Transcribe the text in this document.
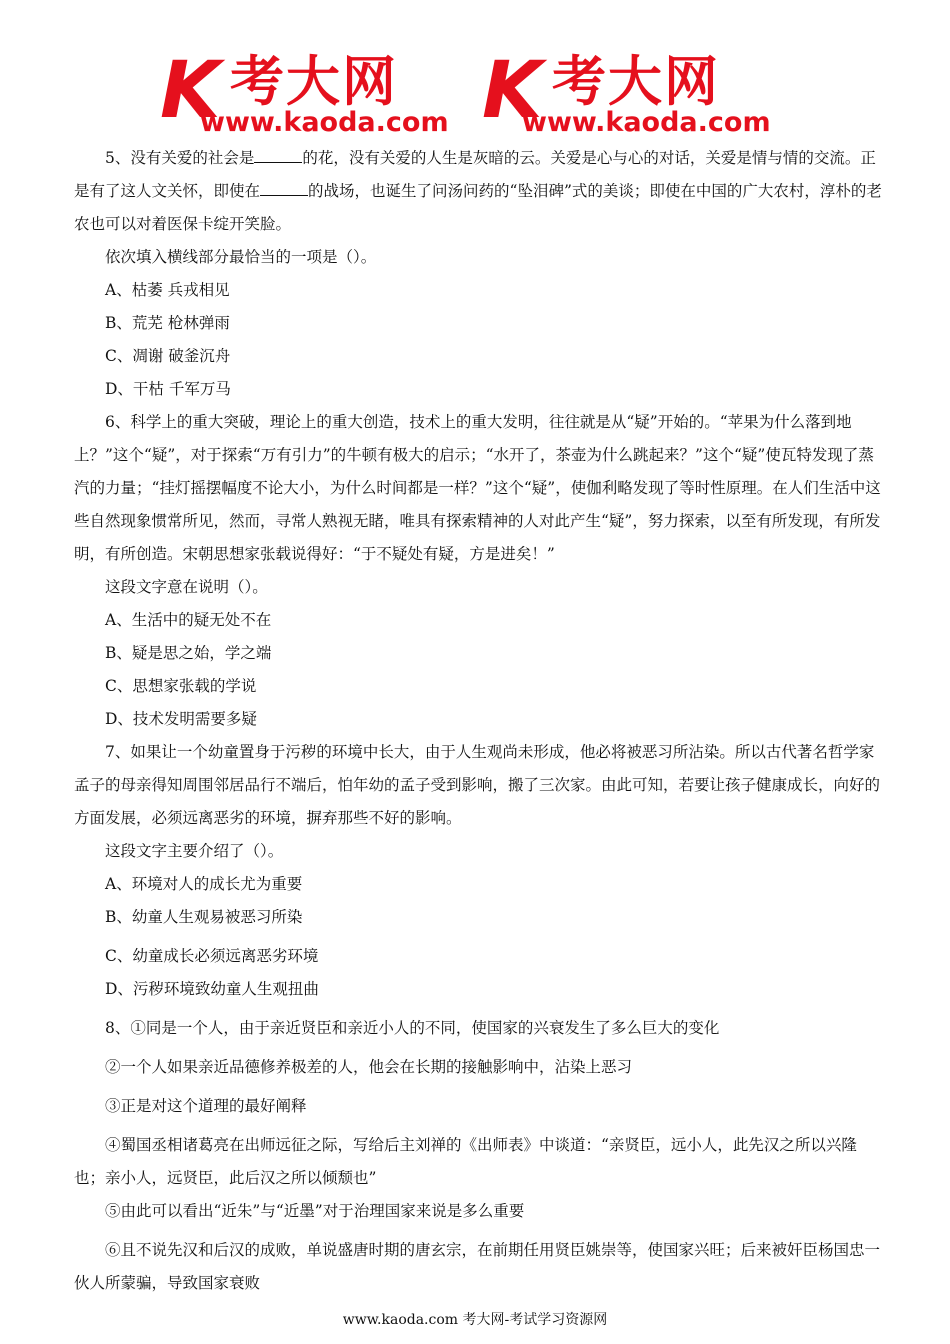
K 考大网
www.kaoda.com K 考大网
www.kaoda.com

5、没有关爱的社会是	的花，没有关爱的人生是灰暗的云。关爱是心与心的对话，关爱是情与情的交流。正是有了这人文关怀，即使在	的战场，也诞生了问汤问药的“坠泪碑”式的美谈；即使在中国的广大农村，淳朴的老农也可以对着医保卡绽开笑脸。

依次填入横线部分最恰当的一项是（）。

A、枯萎 兵戎相见

B、荒芜 枪林弹雨

C、凋谢 破釜沉舟

D、干枯 千军万马

6、科学上的重大突破，理论上的重大创造，技术上的重大发明，往往就是从“疑”开始的。“苹果为什么落到地上？”这个“疑”，对于探索“万有引力”的牛顿有极大的启示；“水开了，茶壶为什么跳起来？”这个“疑”使瓦特发现了蒸汽的力量；“挂灯摇摆幅度不论大小，为什么时间都是一样？”这个“疑”，使伽利略发现了等时性原理。在人们生活中这些自然现象惯常所见，然而，寻常人熟视无睹，唯具有探索精神的人对此产生“疑”，努力探索，以至有所发现，有所发明，有所创造。宋朝思想家张载说得好：“于不疑处有疑，方是进矣！”

这段文字意在说明（）。

A、生活中的疑无处不在

B、疑是思之始，学之端

C、思想家张载的学说

D、技术发明需要多疑

7、如果让一个幼童置身于污秽的环境中长大，由于人生观尚未形成，他必将被恶习所沾染。所以古代著名哲学家孟子的母亲得知周围邻居品行不端后，怕年幼的孟子受到影响，搬了三次家。由此可知，若要让孩子健康成长，向好的方面发展，必须远离恶劣的环境，摒弃那些不好的影响。

这段文字主要介绍了（）。

A、环境对人的成长尤为重要

B、幼童人生观易被恶习所染

C、幼童成长必须远离恶劣环境

D、污秽环境致幼童人生观扭曲

8、①同是一个人，由于亲近贤臣和亲近小人的不同，使国家的兴衰发生了多么巨大的变化

②一个人如果亲近品德修养极差的人，他会在长期的接触影响中，沾染上恶习

③正是对这个道理的最好阐释

④蜀国丞相诸葛亮在出师远征之际，写给后主刘禅的《出师表》中谈道：“亲贤臣，远小人，此先汉之所以兴隆也；亲小人，远贤臣，此后汉之所以倾颓也”

⑤由此可以看出“近朱”与“近墨”对于治理国家来说是多么重要

⑥且不说先汉和后汉的成败，单说盛唐时期的唐玄宗，在前期任用贤臣姚崇等，使国家兴旺；后来被奸臣杨国忠一伙人所蒙骗，导致国家衰败

www.kaoda.com 考大网-考试学习资源网
